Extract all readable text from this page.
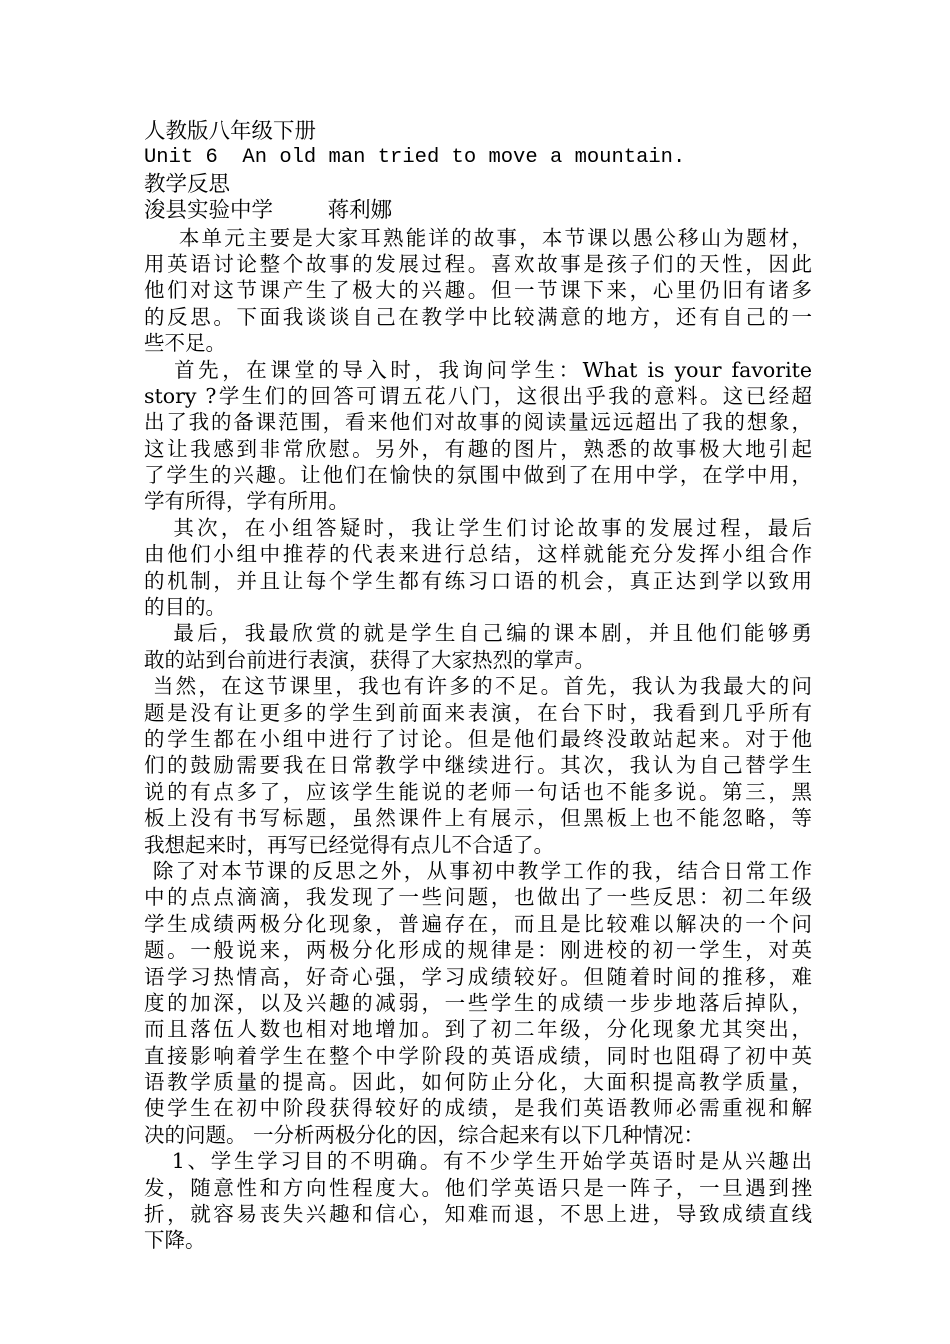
人教版八年级下册
Unit 6  An old man tried to move a mountain.
教学反思
浚县实验中学        蒋利娜
本单元主要是大家耳熟能详的故事，本节课以愚公移山为题材，
用英语讨论整个故事的发展过程。喜欢故事是孩子们的天性，因此
他们对这节课产生了极大的兴趣。但一节课下来，心里仍旧有诸多
的反思。下面我谈谈自己在教学中比较满意的地方，还有自己的一
些不足。
首先，在课堂的导入时，我询问学生：What is your favorite
story ?学生们的回答可谓五花八门，这很出乎我的意料。这已经超
出了我的备课范围，看来他们对故事的阅读量远远超出了我的想象，
这让我感到非常欣慰。另外，有趣的图片，熟悉的故事极大地引起
了学生的兴趣。让他们在愉快的氛围中做到了在用中学，在学中用，
学有所得，学有所用。
其次，在小组答疑时，我让学生们讨论故事的发展过程，最后
由他们小组中推荐的代表来进行总结，这样就能充分发挥小组合作
的机制，并且让每个学生都有练习口语的机会，真正达到学以致用
的目的。
最后，我最欣赏的就是学生自己编的课本剧，并且他们能够勇
敢的站到台前进行表演，获得了大家热烈的掌声。
当然，在这节课里，我也有许多的不足。首先，我认为我最大的问
题是没有让更多的学生到前面来表演，在台下时，我看到几乎所有
的学生都在小组中进行了讨论。但是他们最终没敢站起来。对于他
们的鼓励需要我在日常教学中继续进行。其次，我认为自己替学生
说的有点多了，应该学生能说的老师一句话也不能多说。第三，黑
板上没有书写标题，虽然课件上有展示，但黑板上也不能忽略，等
我想起来时，再写已经觉得有点儿不合适了。
除了对本节课的反思之外，从事初中教学工作的我，结合日常工作
中的点点滴滴，我发现了一些问题，也做出了一些反思：初二年级
学生成绩两极分化现象，普遍存在，而且是比较难以解决的一个问
题。一般说来，两极分化形成的规律是：刚进校的初一学生，对英
语学习热情高，好奇心强，学习成绩较好。但随着时间的推移，难
度的加深，以及兴趣的减弱，一些学生的成绩一步步地落后掉队，
而且落伍人数也相对地增加。到了初二年级，分化现象尤其突出，
直接影响着学生在整个中学阶段的英语成绩，同时也阻碍了初中英
语教学质量的提高。因此，如何防止分化，大面积提高教学质量，
使学生在初中阶段获得较好的成绩，是我们英语教师必需重视和解
决的问题。 一分析两极分化的因，综合起来有以下几种情况：
1、学生学习目的不明确。有不少学生开始学英语时是从兴趣出
发，随意性和方向性程度大。他们学英语只是一阵子，一旦遇到挫
折，就容易丧失兴趣和信心，知难而退，不思上进，导致成绩直线
下降。
